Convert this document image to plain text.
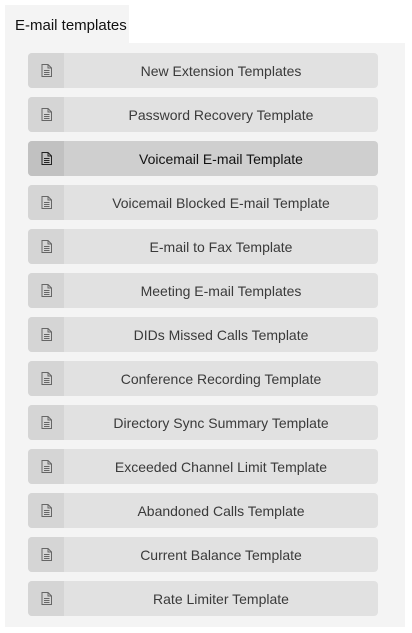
E-mail templates
New Extension Templates
Password Recovery Template
Voicemail E-mail Template
Voicemail Blocked E-mail Template
E-mail to Fax Template
Meeting E-mail Templates
DIDs Missed Calls Template
Conference Recording Template
Directory Sync Summary Template
Exceeded Channel Limit Template
Abandoned Calls Template
Current Balance Template
Rate Limiter Template
